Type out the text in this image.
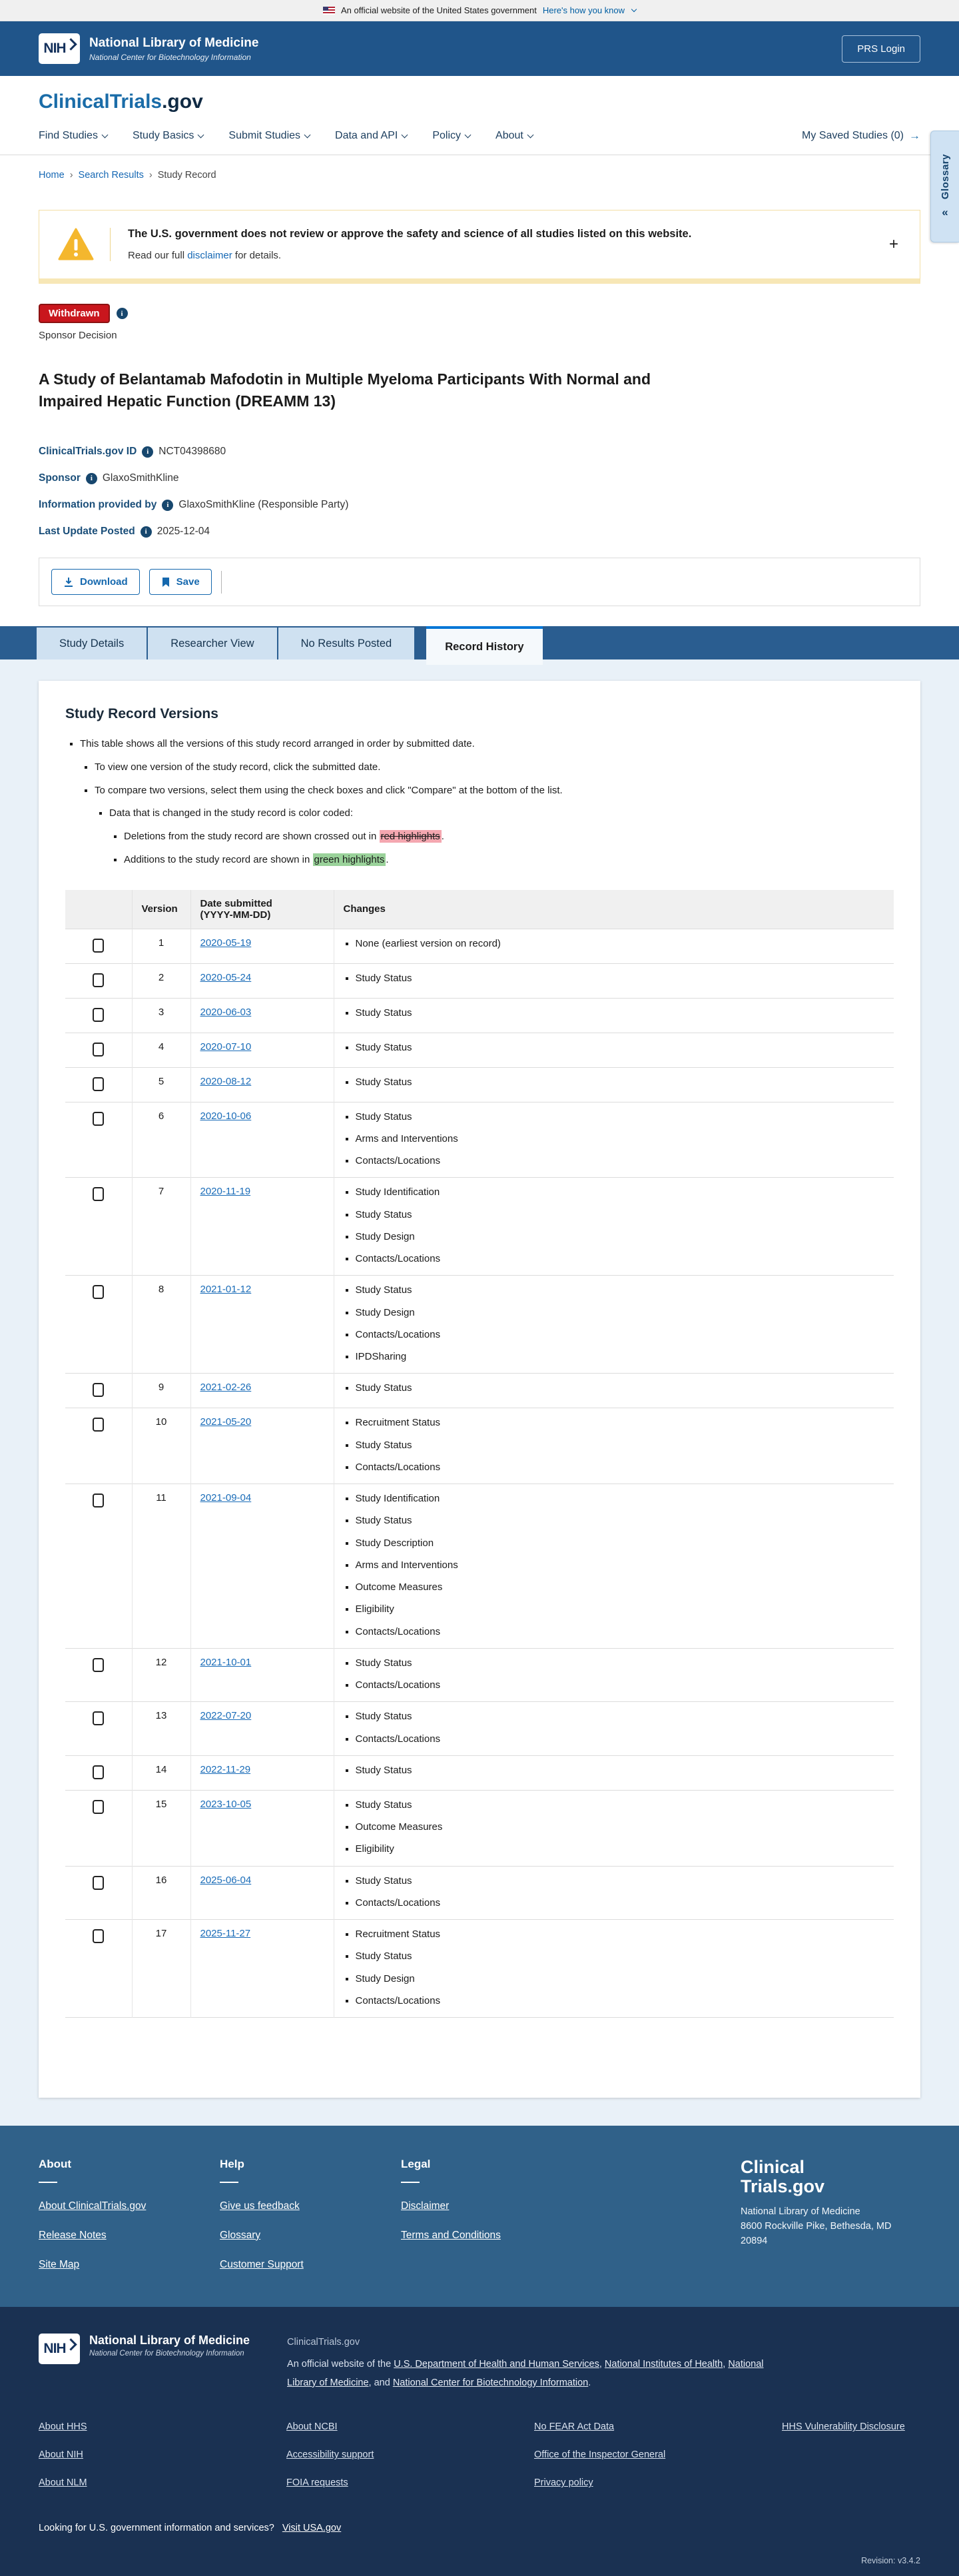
An official website of the United States government Here's how you know
NIH National Library of Medicine
National Center for Biotechnology Information
PRS Login
ClinicalTrials.gov
Find Studies	Study Basics	Submit Studies	Data and API	Policy	About	My Saved Studies (0) →
Home › Search Results › Study Record	Glossary
«
The U.S. government does not review or approve the safety and science of all studies listed on this website.
Read our full disclaimer for details.
+
Withdrawn	i
Sponsor Decision
A Study of Belantamab Mafodotin in Multiple Myeloma Participants With Normal and Impaired Hepatic Function (DREAMM 13)
ClinicalTrials.gov ID	i NCT04398680
Sponsor	i GlaxoSmithKline
Information provided by	i GlaxoSmithKline (Responsible Party)
Last Update Posted	i 2025-12-04
Download	Save
Study Details	Researcher View	No Results Posted	Record History
Study Record Versions
▪ This table shows all the versions of this study record arranged in order by submitted date.
▪ To view one version of the study record, click the submitted date.
▪ To compare two versions, select them using the check boxes and click "Compare" at the bottom of the list.
▪ Data that is changed in the study record is color coded:
▪ Deletions from the study record are shown crossed out in red highlights .
▪ Additions to the study record are shown in green highlights .
	Version	Date submitted
(YYYY-MM-DD)	Changes
	1	2020-05-19	
▪None (earliest version on record)

	2	2020-05-24	
▪Study Status

	3	2020-06-03	
▪Study Status

	4	2020-07-10	
▪Study Status

	5	2020-08-12	
▪Study Status

	6	2020-10-06	
▪Study Status
▪ Arms and Interventions
▪ Contacts/Locations

	7	2020-11-19	
▪Study Identification
▪ Study Status
▪ Study Design
▪ Contacts/Locations

	8	2021-01-12	
▪Study Status
▪ Study Design
▪ Contacts/Locations
▪ IPDSharing

	9	2021-02-26	
▪Study Status

	10	2021-05-20	
▪Recruitment Status
▪ Study Status
▪ Contacts/Locations

	11	2021-09-04	
▪Study Identification
▪ Study Status
▪ Study Description
▪ Arms and Interventions
▪ Outcome Measures
▪ Eligibility
▪ Contacts/Locations

	12	2021-10-01	
▪Study Status
▪ Contacts/Locations

	13	2022-07-20	
▪Study Status
▪ Contacts/Locations

	14	2022-11-29	
▪Study Status

	15	2023-10-05	
▪Study Status
▪ Outcome Measures
▪ Eligibility

	16	2025-06-04	
▪Study Status
▪ Contacts/Locations

	17	2025-11-27	
▪Recruitment Status
▪ Study Status
▪ Study Design
▪ Contacts/Locations

About
About ClinicalTrials.gov
Release Notes
Site Map
Help
Give us feedback
Glossary
Customer Support
Legal
Disclaimer
Terms and Conditions
Clinical
Trials.gov
National Library of Medicine
8600 Rockville Pike, Bethesda, MD
20894
NIH
National Library of Medicine
National Center for Biotechnology Information
ClinicalTrials.gov
An official website of the U.S. Department of Health and Human Services, National Institutes of Health, National Library of Medicine, and National Center for Biotechnology Information.
About HHS
About NIH
About NLM
About NCBI
Accessibility support
FOIA requests
No FEAR Act Data
Office of the Inspector General
Privacy policy
HHS Vulnerability Disclosure
Looking for U.S. government information and services? Visit USA.gov
Revision: v3.4.2
